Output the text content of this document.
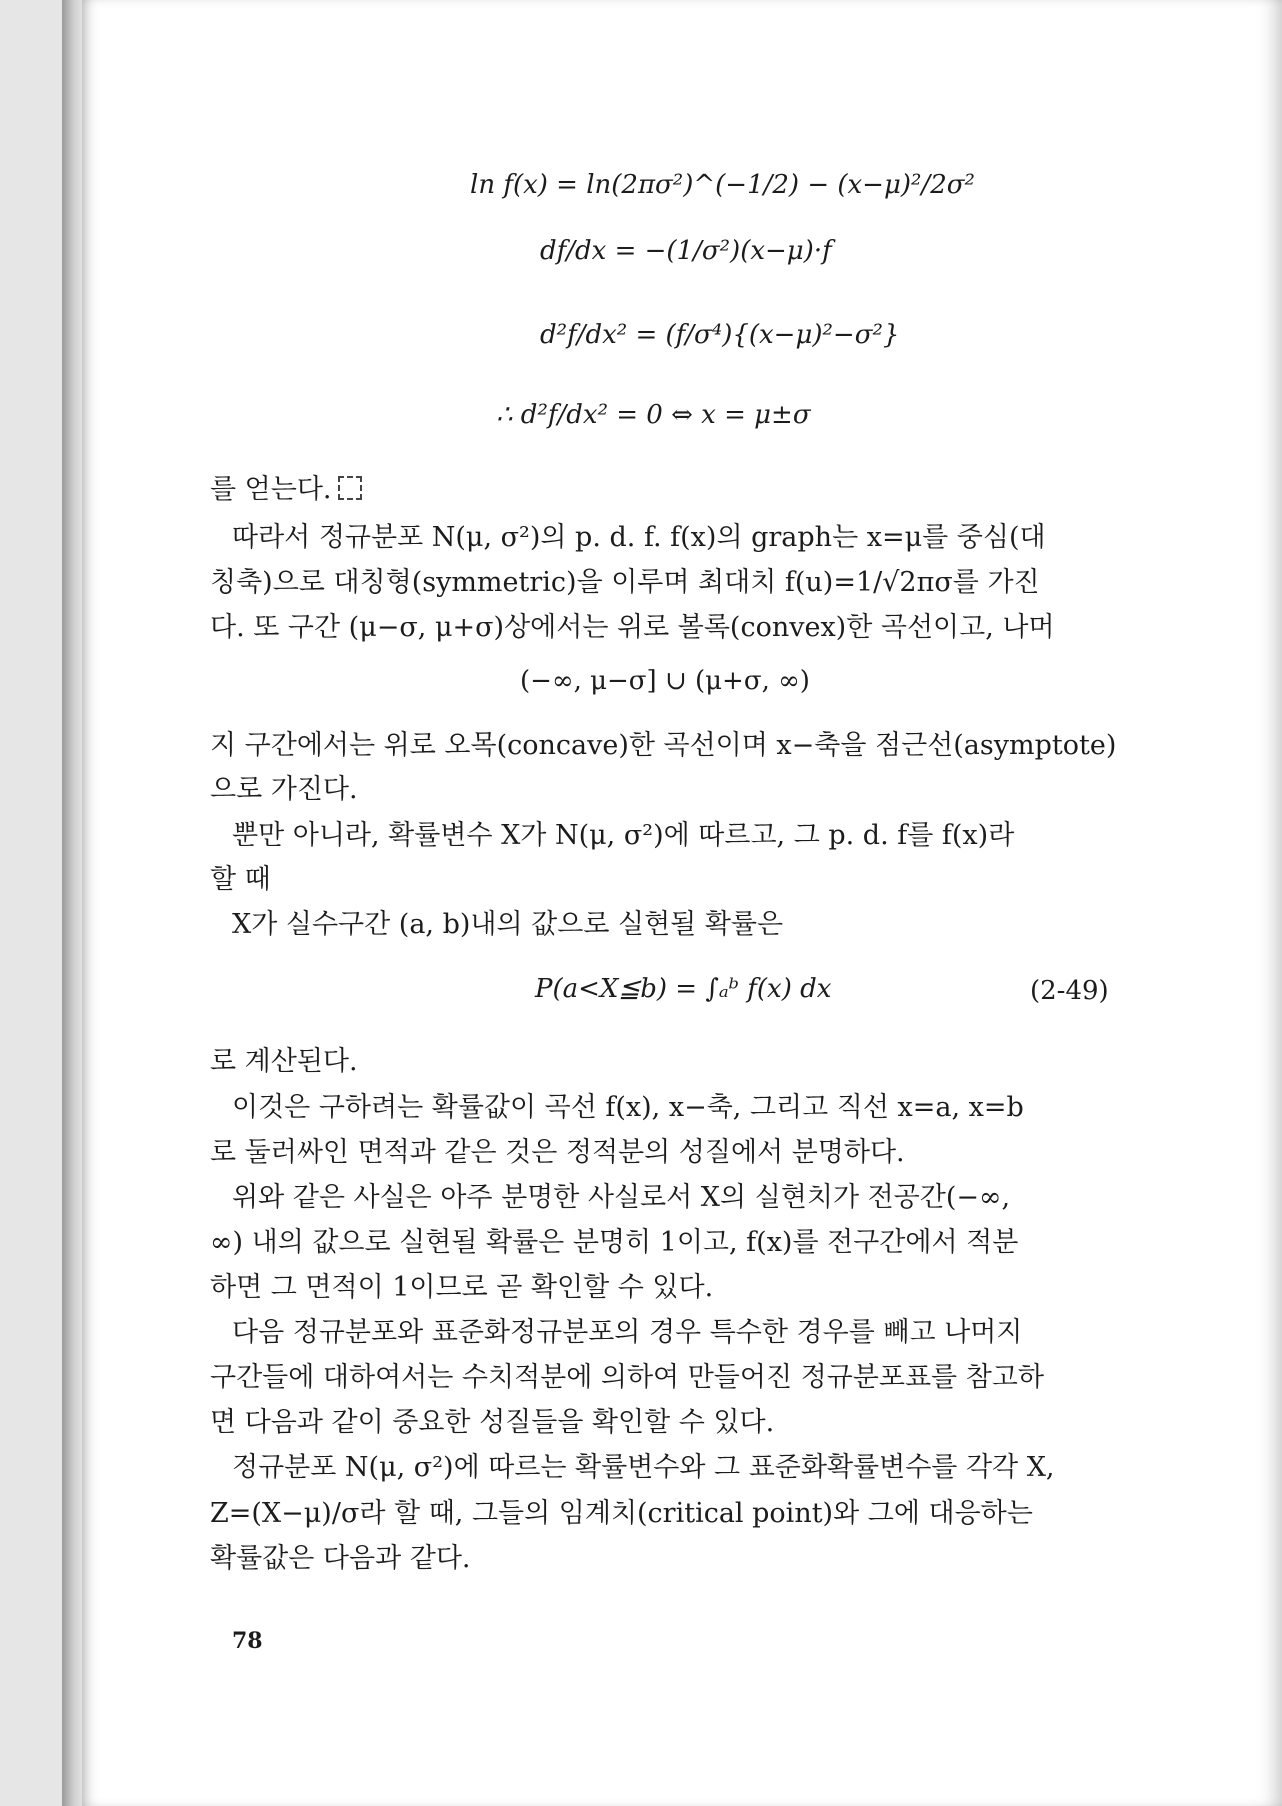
ln f(x) = ln(2πσ²)^(−1/2) − (x−μ)²/2σ²
df/dx = −(1/σ²)(x−μ)·f
d²f/dx² = (f/σ⁴){(x−μ)²−σ²}
∴ d²f/dx² = 0 ⇔ x = μ±σ
를 얻는다.
따라서 정규분포 N(μ, σ²)의 p. d. f. f(x)의 graph는 x=μ를 중심(대
칭축)으로 대칭형(symmetric)을 이루며 최대치 f(u)=1/√2πσ를 가진
다. 또 구간 (μ−σ, μ+σ)상에서는 위로 볼록(convex)한 곡선이고, 나머
(−∞, μ−σ] ∪ (μ+σ, ∞)
지 구간에서는 위로 오목(concave)한 곡선이며 x−축을 점근선(asymptote)
으로 가진다.
뿐만 아니라, 확률변수 X가 N(μ, σ²)에 따르고, 그 p. d. f를 f(x)라
할 때
X가 실수구간 (a, b)내의 값으로 실현될 확률은
P(a<X≦b) = ∫ₐᵇ f(x) dx	(2-49)
로 계산된다.
이것은 구하려는 확률값이 곡선 f(x), x−축, 그리고 직선 x=a, x=b
로 둘러싸인 면적과 같은 것은 정적분의 성질에서 분명하다.
위와 같은 사실은 아주 분명한 사실로서 X의 실현치가 전공간(−∞,
∞) 내의 값으로 실현될 확률은 분명히 1이고, f(x)를 전구간에서 적분
하면 그 면적이 1이므로 곧 확인할 수 있다.
다음 정규분포와 표준화정규분포의 경우 특수한 경우를 빼고 나머지
구간들에 대하여서는 수치적분에 의하여 만들어진 정규분포표를 참고하
면 다음과 같이 중요한 성질들을 확인할 수 있다.
정규분포 N(μ, σ²)에 따르는 확률변수와 그 표준화확률변수를 각각 X,
Z=(X−μ)/σ라 할 때, 그들의 임계치(critical point)와 그에 대응하는
확률값은 다음과 같다.
78
